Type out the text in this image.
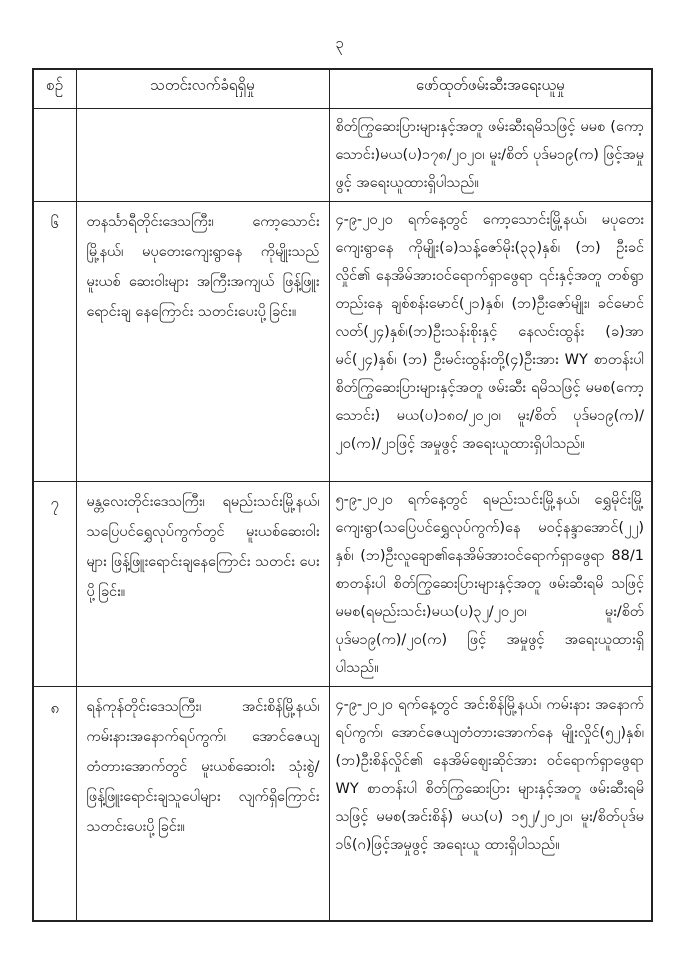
၃
စဉ်	သတင်းလက်ခံရရှိမှု	ဖော်ထုတ်ဖမ်းဆီးအရေးယူမှု
		စိတ်ကြွဆေးပြားများနှင့်အတူ ဖမ်းဆီးရမိသဖြင့် မမစ (ကော့သောင်း)မယ(ပ)၁၇၈/၂၀၂၀၊ မူး/စိတ် ပုဒ်မ၁၉(က) ဖြင့်အမှုဖွင့် အရေးယူထားရှိပါသည်။
၆	တနင်္သာရီတိုင်းဒေသကြီး၊ ကော့သောင်းမြို့နယ်၊ မပုတေးကျေးရွာနေ ကိုမျိုးသည် မူးယစ် ဆေးဝါးများ အကြီးအကျယ် ဖြန့်ဖြူးရောင်းချ နေကြောင်း သတင်းပေးပို့ခြင်း။	၄-၉-၂၀၂၀ ရက်နေ့တွင် ကော့သောင်းမြို့နယ်၊ မပုတေး ကျေးရွာနေ ကိုမျိုး(ခ)သန့်ဇော်မိုး(၃၃)နှစ်၊ (ဘ) ဦးခင်လှိုင်၏ နေအိမ်အားဝင်ရောက်ရှာဖွေရာ ၎င်းနှင့်အတူ တစ်ရွာတည်းနေ ချစ်စန်းမောင်(၂၁)နှစ်၊ (ဘ)ဦးဇော်မျိုး၊ ခင်မောင်လတ်(၂၄)နှစ်၊(ဘ)ဦးသန်းစိုးနှင့် နေလင်းထွန်း (ခ)အာမင်(၂၄)နှစ်၊ (ဘ) ဦးမင်းထွန်းတို့(၄)ဦးအား WY စာတန်းပါ စိတ်ကြွဆေးပြားများနှင့်အတူ ဖမ်းဆီး ရမိသဖြင့် မမစ(ကော့သောင်း) မယ(ပ)၁၈၀/၂၀၂၀၊ မူး/စိတ် ပုဒ်မ၁၉(က)/၂၀(က)/၂၁ဖြင့် အမှုဖွင့် အရေးယူထားရှိပါသည်။
၇	မန္တလေးတိုင်းဒေသကြီး၊ ရမည်းသင်းမြို့နယ်၊ သပြေပင်ရွှေလုပ်ကွက်တွင် မူးယစ်ဆေးဝါး များ ဖြန့်ဖြူးရောင်းချနေကြောင်း သတင်း ပေးပို့ခြင်း။	၅-၉-၂၀၂၀ ရက်နေ့တွင် ရမည်းသင်းမြို့နယ်၊ ရွှေမိုင်းမြို့ ကျေးရွာ(သပြေပင်ရွှေလုပ်ကွက်)နေ မဝင့်နန္ဒာအောင်(၂၂) နှစ်၊ (ဘ)ဦးလူချော၏နေအိမ်အားဝင်ရောက်ရှာဖွေရာ 88/1 စာတန်းပါ စိတ်ကြွဆေးပြားများနှင့်အတူ ဖမ်းဆီးရမိ သဖြင့် မမစ(ရမည်းသင်း)မယ(ပ)၃၂/၂၀၂၀၊ မူး/စိတ် ပုဒ်မ၁၉(က)/၂၀(က) ဖြင့် အမှုဖွင့် အရေးယူထားရှိ ပါသည်။
၈	ရန်ကုန်တိုင်းဒေသကြီး၊ အင်းစိန်မြို့နယ်၊ ကမ်းနားအနောက်ရပ်ကွက်၊ အောင်ဇေယျ တံတားအောက်တွင် မူးယစ်ဆေးဝါး သုံးစွဲ/ ဖြန့်ဖြူးရောင်းချသူပေါများ လျက်ရှိကြောင်း သတင်းပေးပို့ခြင်း။	၄-၉-၂၀၂၀ ရက်နေ့တွင် အင်းစိန်မြို့နယ်၊ ကမ်းနား အနောက်ရပ်ကွက်၊ အောင်ဇေယျတံတားအောက်နေ မျိုးလှိုင်(၅၂)နှစ်၊ (ဘ)ဦးစိန်လှိုင်၏ နေအိမ်ဈေးဆိုင်အား ဝင်ရောက်ရှာဖွေရာ WY စာတန်းပါ စိတ်ကြွဆေးပြား များနှင့်အတူ ဖမ်းဆီးရမိသဖြင့် မမစ(အင်းစိန်) မယ(ပ) ၁၅၂/၂၀၂၀၊ မူး/စိတ်ပုဒ်မ ၁၆(ဂ)ဖြင့်အမှုဖွင့် အရေးယူ ထားရှိပါသည်။
